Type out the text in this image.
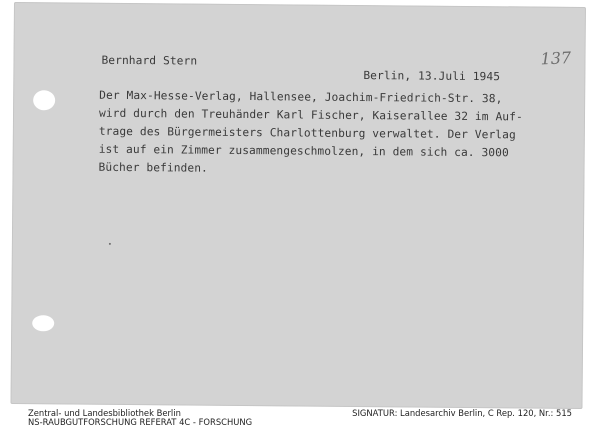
Bernhard Stern
Berlin, 13.Juli 1945
137
Der Max-Hesse-Verlag, Hallensee, Joachim-Friedrich-Str. 38,
wird durch den Treuhänder Karl Fischer, Kaiserallee 32 im Auf-
trage des Bürgermeisters Charlottenburg verwaltet. Der Verlag
ist auf ein Zimmer zusammengeschmolzen, in dem sich ca. 3000
Bücher befinden.
Zentral- und Landesbibliothek Berlin
NS-RAUBGUTFORSCHUNG REFERAT 4C - FORSCHUNG
SIGNATUR: Landesarchiv Berlin, C Rep. 120, Nr.: 515
